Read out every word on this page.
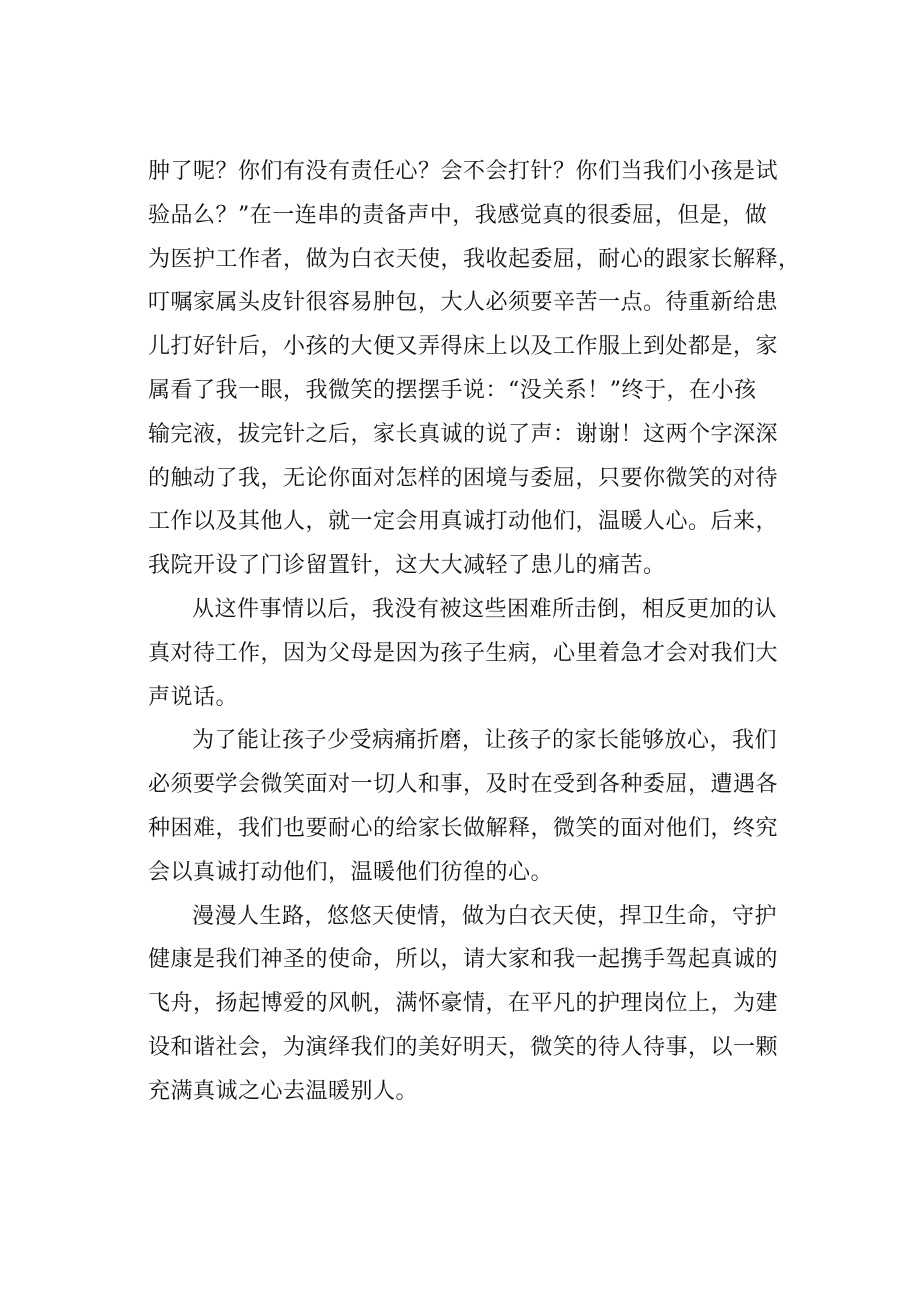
肿了呢？你们有没有责任心？会不会打针？你们当我们小孩是试
验品么？”在一连串的责备声中，我感觉真的很委屈，但是，做
为医护工作者，做为白衣天使，我收起委屈，耐心的跟家长解释，
叮嘱家属头皮针很容易肿包，大人必须要辛苦一点。待重新给患
儿打好针后，小孩的大便又弄得床上以及工作服上到处都是，家
属看了我一眼，我微笑的摆摆手说：“没关系！”终于，在小孩
输完液，拔完针之后，家长真诚的说了声：谢谢！这两个字深深
的触动了我，无论你面对怎样的困境与委屈，只要你微笑的对待
工作以及其他人，就一定会用真诚打动他们，温暖人心。后来，
我院开设了门诊留置针，这大大减轻了患儿的痛苦。
从这件事情以后，我没有被这些困难所击倒，相反更加的认
真对待工作，因为父母是因为孩子生病，心里着急才会对我们大
声说话。
为了能让孩子少受病痛折磨，让孩子的家长能够放心，我们
必须要学会微笑面对一切人和事，及时在受到各种委屈，遭遇各
种困难，我们也要耐心的给家长做解释，微笑的面对他们，终究
会以真诚打动他们，温暖他们彷徨的心。
漫漫人生路，悠悠天使情，做为白衣天使，捍卫生命，守护
健康是我们神圣的使命，所以，请大家和我一起携手驾起真诚的
飞舟，扬起博爱的风帆，满怀豪情，在平凡的护理岗位上，为建
设和谐社会，为演绎我们的美好明天，微笑的待人待事，以一颗
充满真诚之心去温暖别人。
